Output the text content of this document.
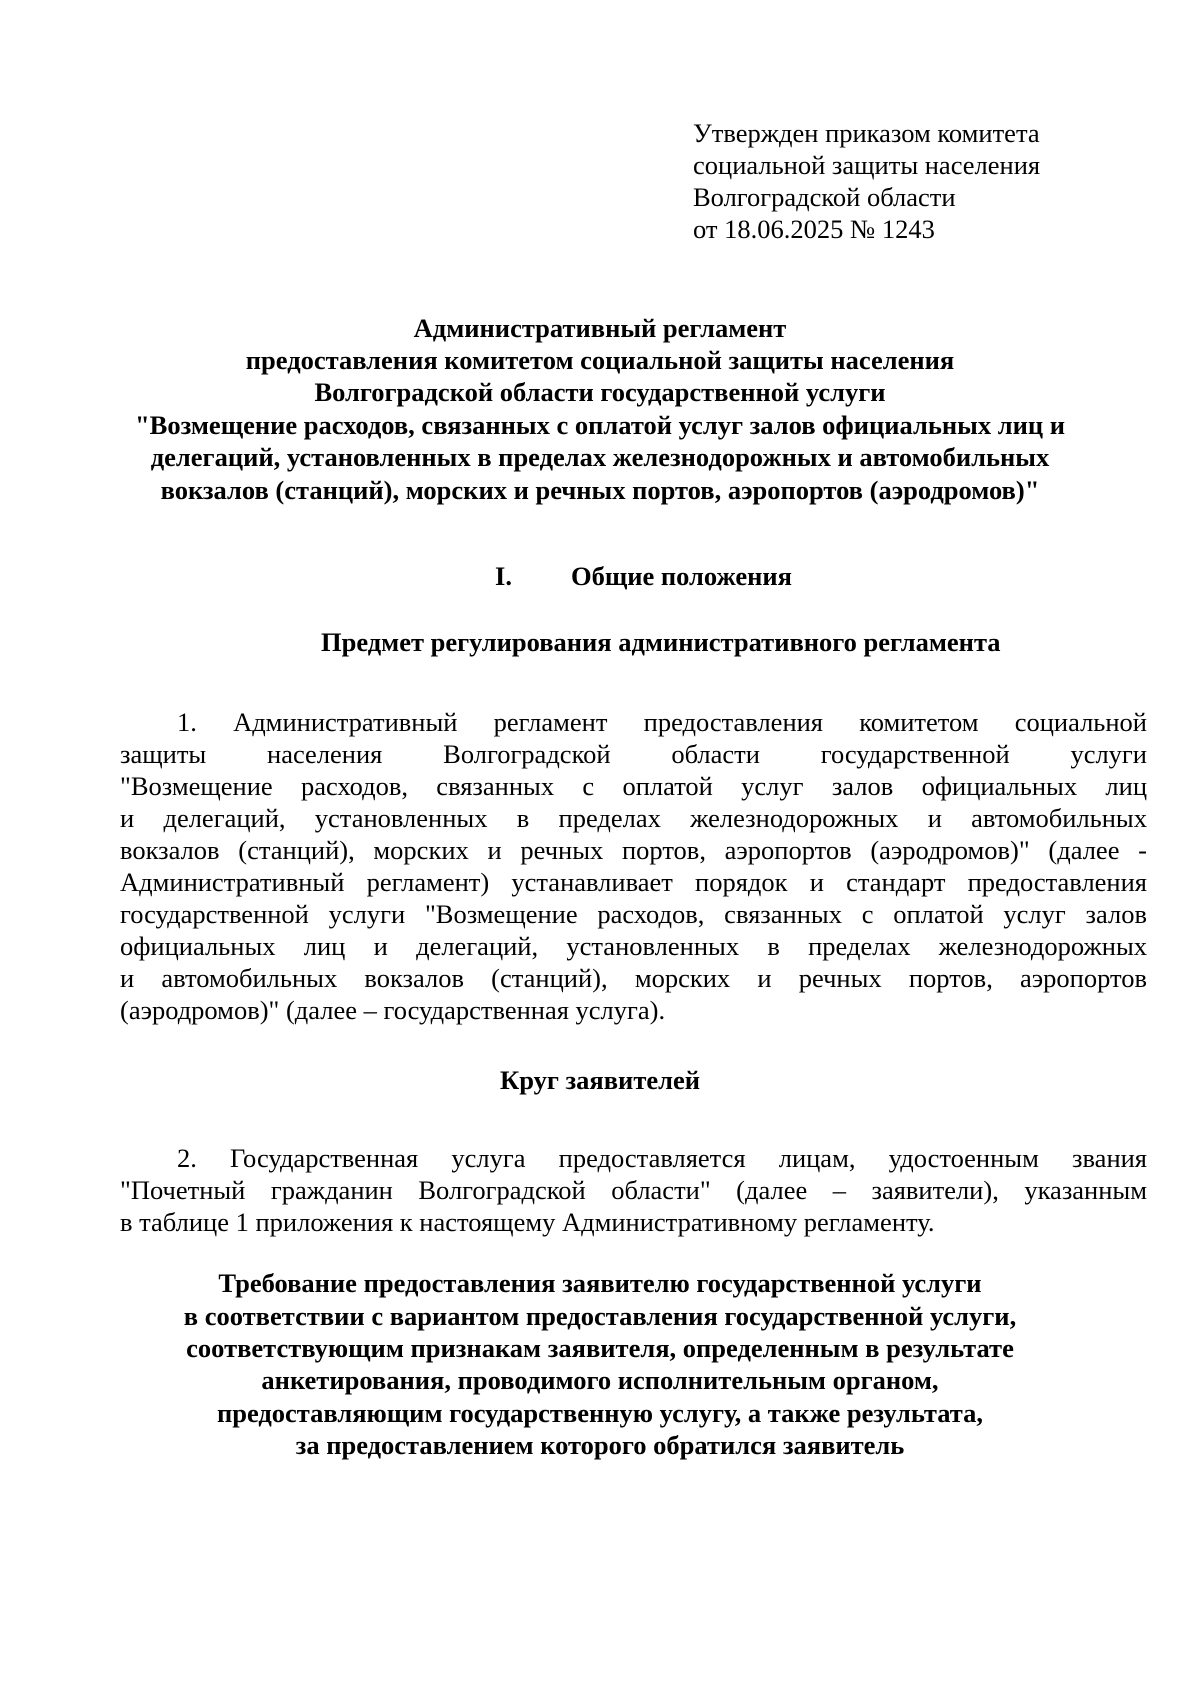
Утвержден приказом комитета
социальной защиты населения
Волгоградской области
от 18.06.2025 № 1243
Административный регламент
предоставления комитетом социальной защиты населения
Волгоградской области государственной услуги
"Возмещение расходов, связанных с оплатой услуг залов официальных лиц и
делегаций, установленных в пределах железнодорожных и автомобильных
вокзалов (станций), морских и речных портов, аэропортов (аэродромов)"
I. Общие положения
Предмет регулирования административного регламента
1. Административный регламент предоставления комитетом социальной
защиты населения Волгоградской области государственной услуги
"Возмещение расходов, связанных с оплатой услуг залов официальных лиц
и делегаций, установленных в пределах железнодорожных и автомобильных
вокзалов (станций), морских и речных портов, аэропортов (аэродромов)" (далее -
Административный регламент) устанавливает порядок и стандарт предоставления
государственной услуги "Возмещение расходов, связанных с оплатой услуг залов
официальных лиц и делегаций, установленных в пределах железнодорожных
и автомобильных вокзалов (станций), морских и речных портов, аэропортов
(аэродромов)" (далее – государственная услуга).
Круг заявителей
2. Государственная услуга предоставляется лицам, удостоенным звания
"Почетный гражданин Волгоградской области" (далее – заявители), указанным
в таблице 1 приложения к настоящему Административному регламенту.
Требование предоставления заявителю государственной услуги
в соответствии с вариантом предоставления государственной услуги,
соответствующим признакам заявителя, определенным в результате
анкетирования, проводимого исполнительным органом,
предоставляющим государственную услугу, а также результата,
за предоставлением которого обратился заявитель
